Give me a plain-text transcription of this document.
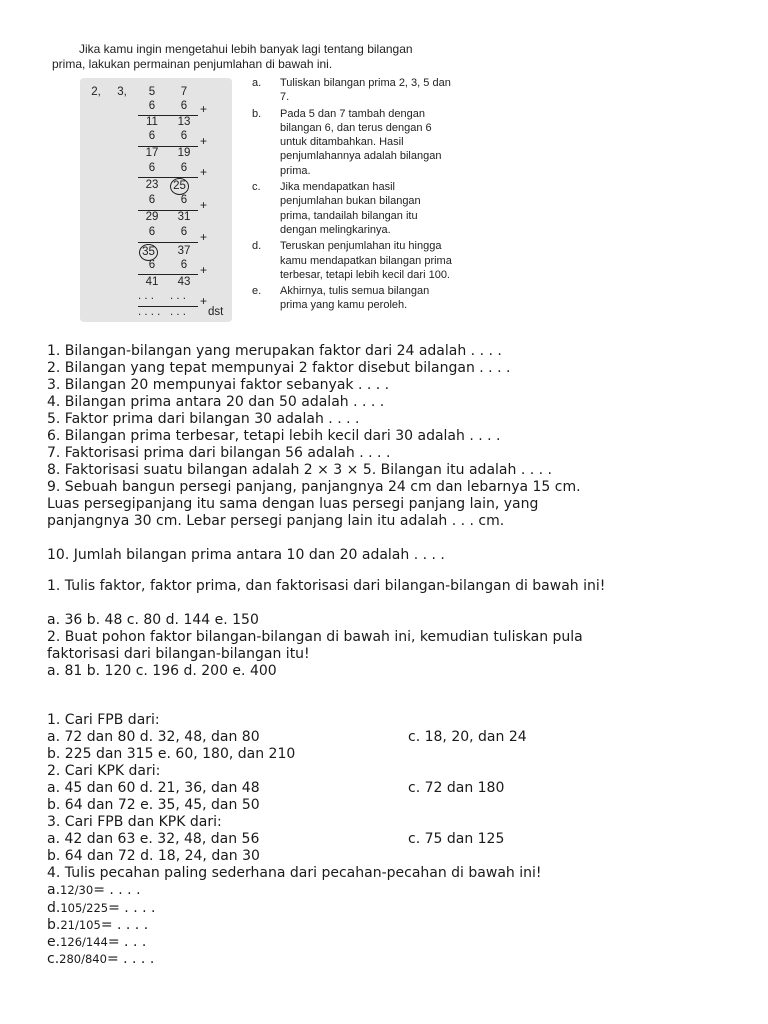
Jika kamu ingin mengetahui lebih banyak lagi tentang bilangan
prima, lakukan permainan penjumlahan di bawah ini.
2,	3,	5	7
6	6	+
11	13
6	6	+
17	19
6	6	+
23	25
6	6	+
29	31
6	6	+
35	37
6	6	+
41	43
. . . . . . +
. . . . . . . dst
a.	Tuliskan bilangan prima 2, 3, 5 dan 7.
b.	Pada 5 dan 7 tambah dengan bilangan 6, dan terus dengan 6 untuk ditambahkan. Hasil penjumlahannya adalah bilangan prima.
c.	Jika mendapatkan hasil penjumlahan bukan bilangan prima, tandailah bilangan itu dengan melingkarinya.
d.	Teruskan penjumlahan itu hingga kamu mendapatkan bilangan prima terbesar, tetapi lebih kecil dari 100.
e.	Akhirnya, tulis semua bilangan prima yang kamu peroleh.
1. Bilangan-bilangan yang merupakan faktor dari 24 adalah . . . .
2. Bilangan yang tepat mempunyai 2 faktor disebut bilangan . . . .
3. Bilangan 20 mempunyai faktor sebanyak . . . .
4. Bilangan prima antara 20 dan 50 adalah . . . .
5. Faktor prima dari bilangan 30 adalah . . . .
6. Bilangan prima terbesar, tetapi lebih kecil dari 30 adalah . . . .
7. Faktorisasi prima dari bilangan 56 adalah . . . .
8. Faktorisasi suatu bilangan adalah 2 × 3 × 5. Bilangan itu adalah . . . .
9. Sebuah bangun persegi panjang, panjangnya 24 cm dan lebarnya 15 cm. Luas persegipanjang itu sama dengan luas persegi panjang lain, yang panjangnya 30 cm. Lebar persegi panjang lain itu adalah . . . cm.
10. Jumlah bilangan prima antara 10 dan 20 adalah . . . .
1. Tulis faktor, faktor prima, dan faktorisasi dari bilangan-bilangan di bawah ini!
a. 36 b. 48 c. 80 d. 144 e. 150
2. Buat pohon faktor bilangan-bilangan di bawah ini, kemudian tuliskan pula faktorisasi dari bilangan-bilangan itu!
a. 81 b. 120 c. 196 d. 200 e. 400
1. Cari FPB dari:
a. 72 dan 80 d. 32, 48, dan 80	c. 18, 20, dan 24
b. 225 dan 315 e. 60, 180, dan 210
2. Cari KPK dari:
a. 45 dan 60 d. 21, 36, dan 48	c. 72 dan 180
b. 64 dan 72 e. 35, 45, dan 50
3. Cari FPB dan KPK dari:
a. 42 dan 63 e. 32, 48, dan 56	c. 75 dan 125
b. 64 dan 72 d. 18, 24, dan 30
4. Tulis pecahan paling sederhana dari pecahan-pecahan di bawah ini!
a.12/30= . . . .
d.105/225= . . . .
b.21/105= . . . .
e.126/144= . . .
c.280/840= . . . .
